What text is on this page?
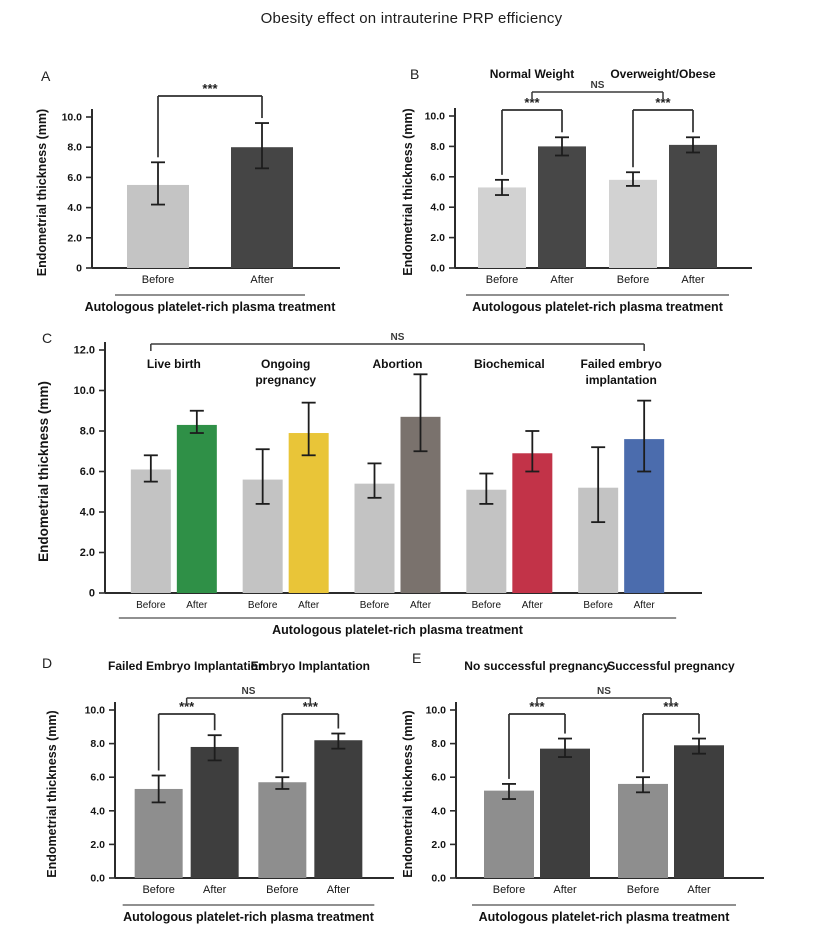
Obesity effect on intrauterine PRP efficiency
A
10.0
8.0
6.0
4.0
2.0
0
Endometrial thickness (mm)
Before	After
***
Autologous platelet-rich plasma treatment
B
10.0
8.0
6.0
4.0
2.0
0.0
Endometrial thickness (mm)
Before	After
Normal Weight
***
Before	After
Overweight/Obese
***
NS
Autologous platelet-rich plasma treatment
C
12.0
10.0
8.0
6.0
4.0
2.0
0
Endometrial thickness (mm)
Before After
Live birth
Before After
Ongoing
pregnancy
Before After
Abortion
Before After
Biochemical
Before After
Failed embryo
implantation
NS
Autologous platelet-rich plasma treatment
D
10.0
8.0
6.0
4.0
2.0
0.0
Endometrial thickness (mm)
Before	After
Failed Embryo Implantation
***
Before	After
Embryo Implantation
***
NS
Autologous platelet-rich plasma treatment
E
10.0
8.0
6.0
4.0
2.0
0.0
Endometrial thickness (mm)
Before	After
No successful pregnancy
***
Before	After
Successful pregnancy
***
NS
Autologous platelet-rich plasma treatment
